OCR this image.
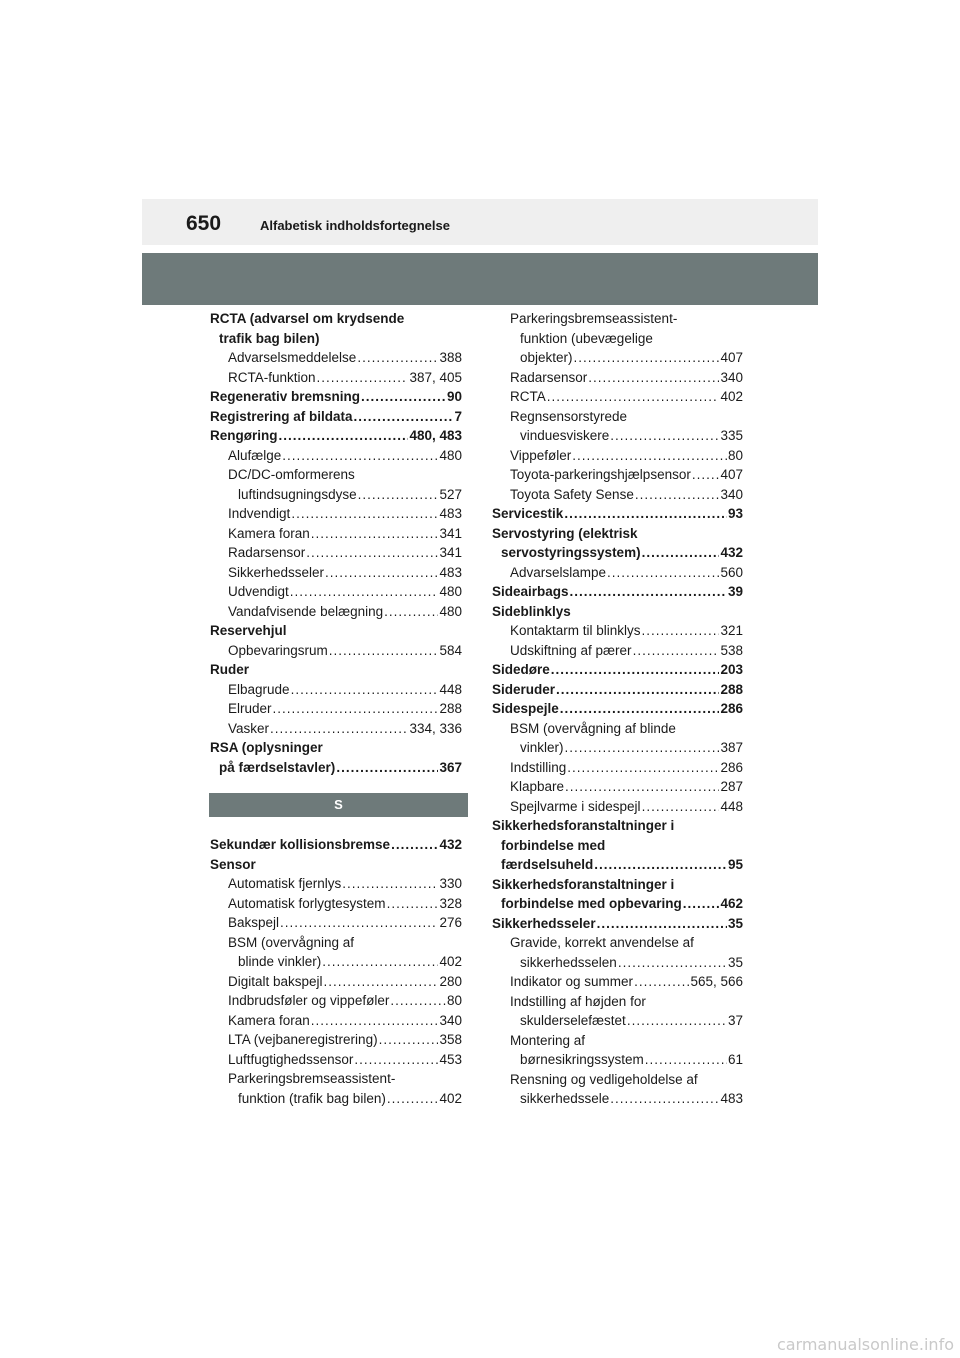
650	Alfabetisk indholdsfortegnelse
RCTA (advarsel om krydsende
trafik bag bilen)
Advarselsmeddelelse .....	388
RCTA-funktion .....	387, 405
Regenerativ bremsning .....	90
Registrering af bildata .....	7
Rengøring .....	480, 483
Alufælge .....	480
DC/DC-omformerens
luftindsugningsdyse .....	527
Indvendigt .....	483
Kamera foran .....	341
Radarsensor .....	341
Sikkerhedsseler .....	483
Udvendigt .....	480
Vandafvisende belægning .....	480
Reservehjul
Opbevaringsrum .....	584
Ruder
Elbagrude .....	448
Elruder .....	288
Vasker .....	334, 336
RSA (oplysninger
på færdselstavler) .....	367
S
Sekundær kollisionsbremse .....	432
Sensor
Automatisk fjernlys .....	330
Automatisk forlygtesystem .....	328
Bakspejl .....	276
BSM (overvågning af
blinde vinkler) .....	402
Digitalt bakspejl .....	280
Indbrudsføler og vippeføler .....	80
Kamera foran .....	340
LTA (vejbaneregistrering) .....	358
Luftfugtighedssensor .....	453
Parkeringsbremseassistent-
funktion (trafik bag bilen) .....	402
Parkeringsbremseassistent-
funktion (ubevægelige
objekter) .....	407
Radarsensor .....	340
RCTA .....	402
Regnsensorstyrede
vinduesviskere .....	335
Vippeføler .....	80
Toyota-parkeringshjælpsensor ..... 407
Toyota Safety Sense .....	340
Servicestik .....	93
Servostyring (elektrisk
servostyringssystem) .....	432
Advarselslampe .....	560
Sideairbags .....	39
Sideblinklys
Kontaktarm til blinklys .....	321
Udskiftning af pærer .....	538
Sidedøre .....	203
Sideruder .....	288
Sidespejle .....	286
BSM (overvågning af blinde
vinkler) .....	387
Indstilling .....	286
Klapbare .....	287
Spejlvarme i sidespejl .....	448
Sikkerhedsforanstaltninger i
forbindelse med
færdselsuheld .....	95
Sikkerhedsforanstaltninger i
forbindelse med opbevaring .....	462
Sikkerhedsseler .....	35
Gravide, korrekt anvendelse af
sikkerhedsselen .....	35
Indikator og summer .....	565, 566
Indstilling af højden for
skulderselefæstet .....	37
Montering af
børnesikringssystem .....	61
Rensning og vedligeholdelse af
sikkerhedssele .....	483
carmanualsonline.info
